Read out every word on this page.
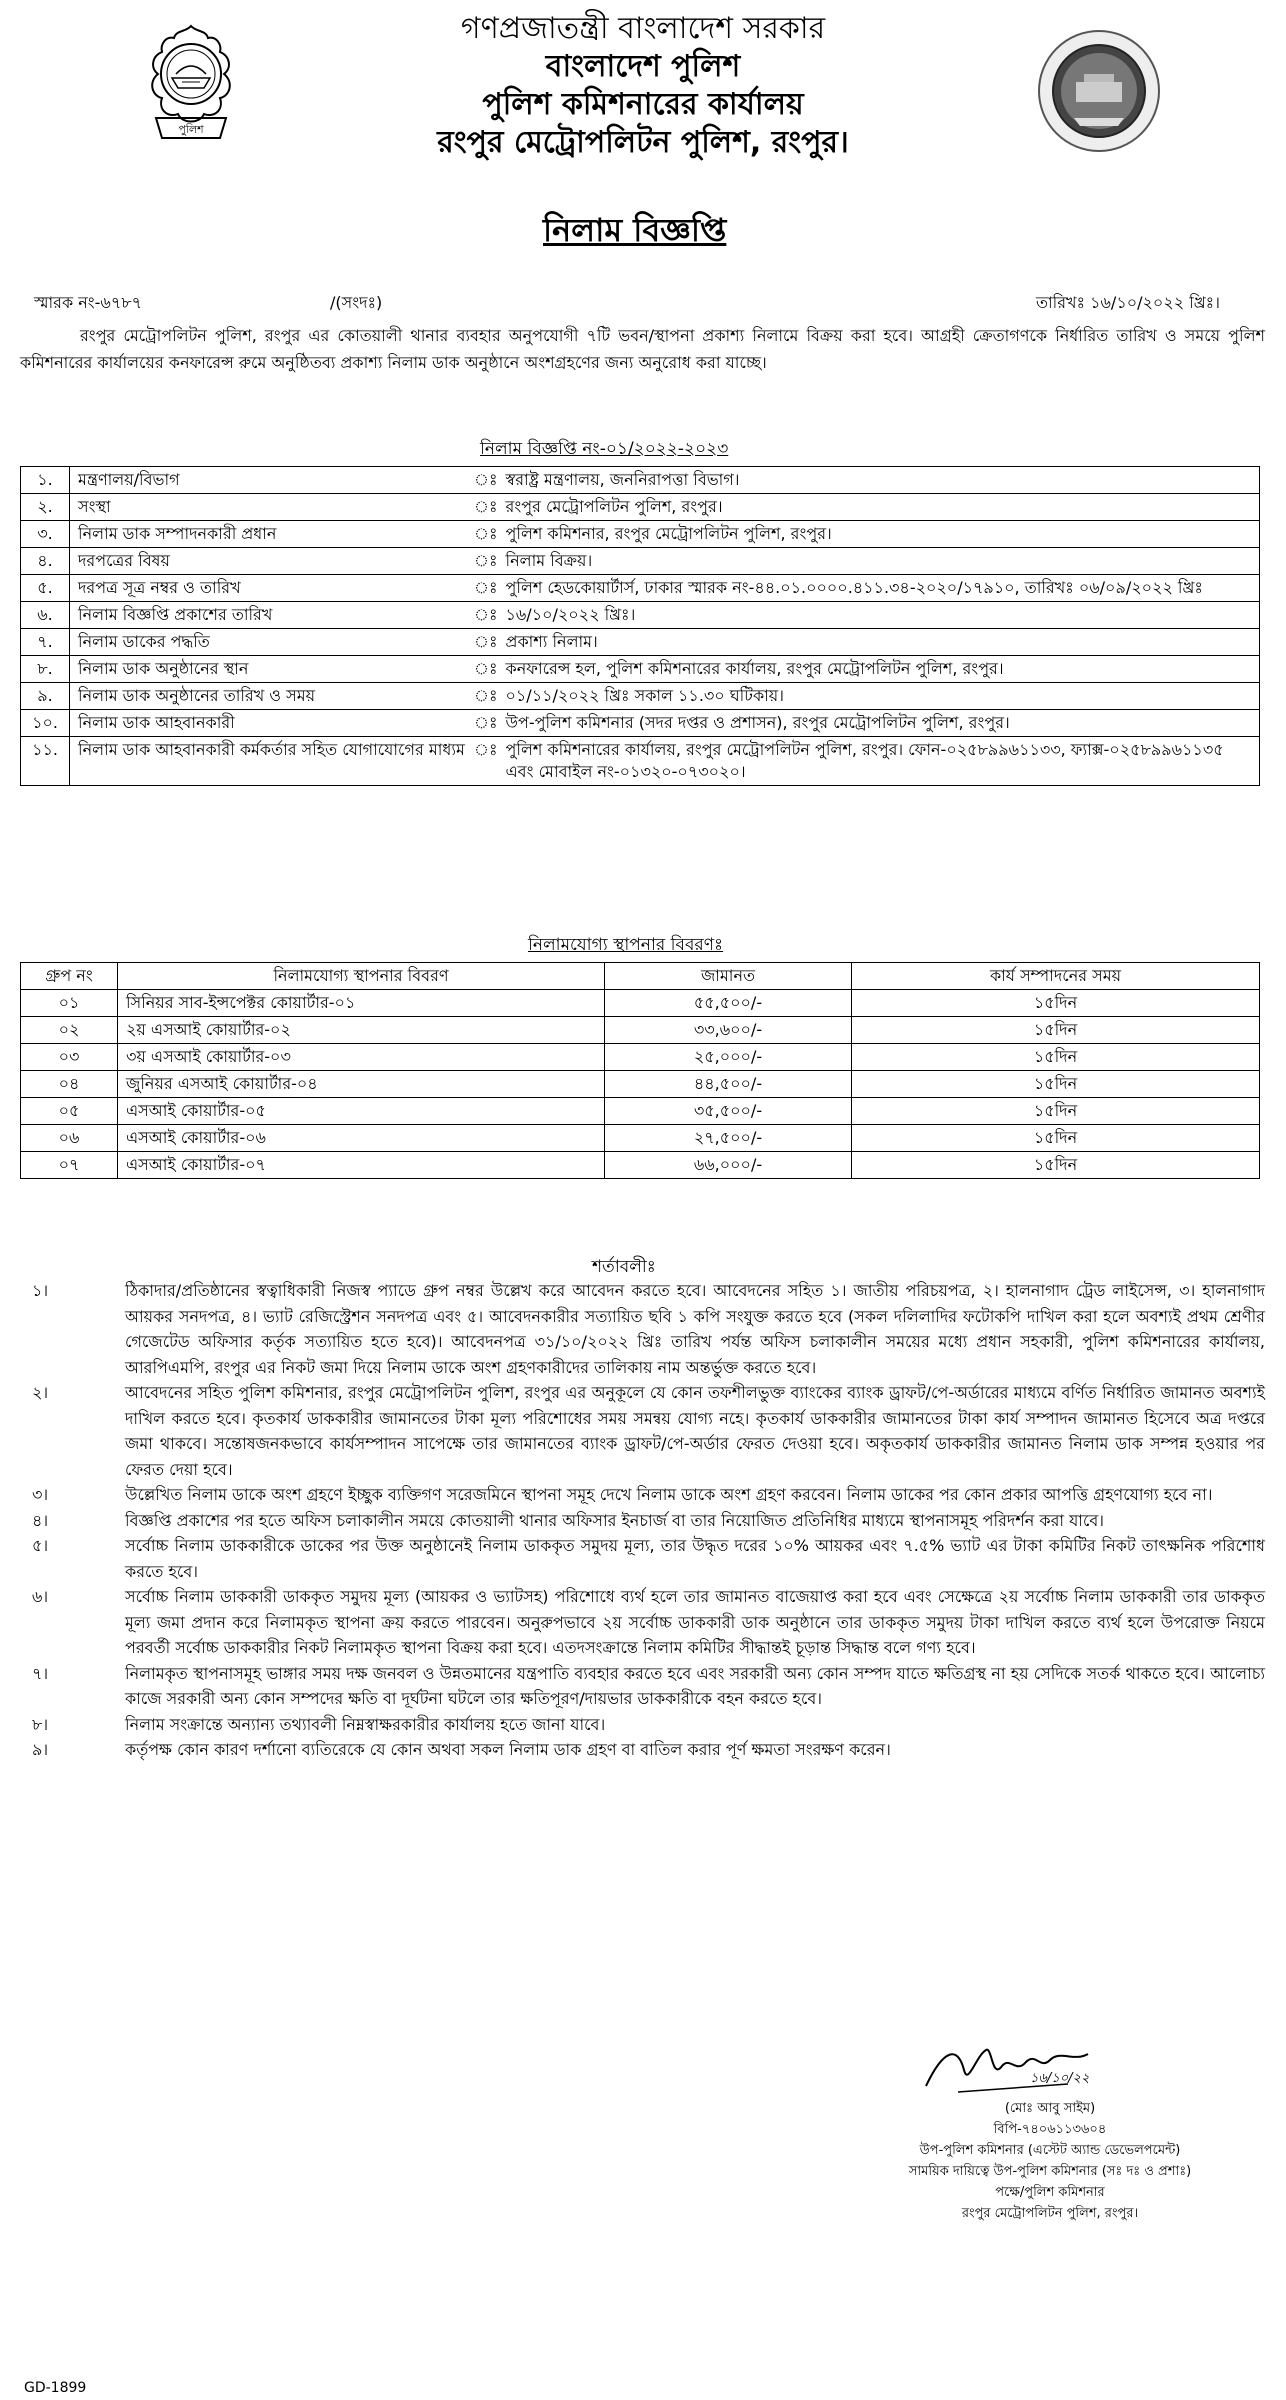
পুলিশ
গণপ্রজাতন্ত্রী বাংলাদেশ সরকার
বাংলাদেশ পুলিশ
পুলিশ কমিশনারের কার্যালয়
রংপুর মেট্রোপলিটন পুলিশ, রংপুর।
নিলাম বিজ্ঞপ্তি
স্মারক নং-৬৭৮৭	/(সংদঃ)	তারিখঃ ১৬/১০/২০২২ খ্রিঃ।
রংপুর মেট্রোপলিটন পুলিশ, রংপুর এর কোতয়ালী থানার ব্যবহার অনুপযোগী ৭টি ভবন/স্থাপনা প্রকাশ্য নিলামে বিক্রয় করা হবে। আগ্রহী ক্রেতাগণকে নির্ধারিত তারিখ ও সময়ে পুলিশ কমিশনারের কার্যালয়ের কনফারেন্স রুমে অনুষ্ঠিতব্য প্রকাশ্য নিলাম ডাক অনুষ্ঠানে অংশগ্রহণের জন্য অনুরোধ করা যাচ্ছে।
নিলাম বিজ্ঞপ্তি নং-০১/২০২২-২০২৩
১.	মন্ত্রণালয়/বিভাগ	ঃ	স্বরাষ্ট্র মন্ত্রণালয়, জননিরাপত্তা বিভাগ।
২.	সংস্থা	ঃ	রংপুর মেট্রোপলিটন পুলিশ, রংপুর।
৩.	নিলাম ডাক সম্পাদনকারী প্রধান	ঃ	পুলিশ কমিশনার, রংপুর মেট্রোপলিটন পুলিশ, রংপুর।
৪.	দরপত্রের বিষয়	ঃ	নিলাম বিক্রয়।
৫.	দরপত্র সূত্র নম্বর ও তারিখ	ঃ	পুলিশ হেডকোয়ার্টার্স, ঢাকার স্মারক নং-৪৪.০১.০০০০.৪১১.৩৪-২০২০/১৭৯১০, তারিখঃ ০৬/০৯/২০২২ খ্রিঃ
৬.	নিলাম বিজ্ঞপ্তি প্রকাশের তারিখ	ঃ	১৬/১০/২০২২ খ্রিঃ।
৭.	নিলাম ডাকের পদ্ধতি	ঃ	প্রকাশ্য নিলাম।
৮.	নিলাম ডাক অনুষ্ঠানের স্থান	ঃ	কনফারেন্স হল, পুলিশ কমিশনারের কার্যালয়, রংপুর মেট্রোপলিটন পুলিশ, রংপুর।
৯.	নিলাম ডাক অনুষ্ঠানের তারিখ ও সময়	ঃ	০১/১১/২০২২ খ্রিঃ সকাল ১১.৩০ ঘটিকায়।
১০.	নিলাম ডাক আহবানকারী	ঃ	উপ-পুলিশ কমিশনার (সদর দপ্তর ও প্রশাসন), রংপুর মেট্রোপলিটন পুলিশ, রংপুর।
১১.	নিলাম ডাক আহবানকারী কর্মকর্তার সহিত যোগাযোগের মাধ্যম	ঃ	পুলিশ কমিশনারের কার্যালয়, রংপুর মেট্রোপলিটন পুলিশ, রংপুর। ফোন-০২৫৮৯৯৬১১৩৩, ফ্যাক্স-০২৫৮৯৯৬১১৩৫ এবং মোবাইল নং-০১৩২০-০৭৩০২০।
নিলামযোগ্য স্থাপনার বিবরণঃ
গ্রুপ নং	নিলামযোগ্য স্থাপনার বিবরণ	জামানত	কার্য সম্পাদনের সময়
০১	সিনিয়র সাব-ইন্সপেক্টর কোয়ার্টার-০১	৫৫,৫০০/-	১৫দিন
০২	২য় এসআই কোয়ার্টার-০২	৩৩,৬০০/-	১৫দিন
০৩	৩য় এসআই কোয়ার্টার-০৩	২৫,০০০/-	১৫দিন
০৪	জুনিয়র এসআই কোয়ার্টার-০৪	৪৪,৫০০/-	১৫দিন
০৫	এসআই কোয়ার্টার-০৫	৩৫,৫০০/-	১৫দিন
০৬	এসআই কোয়ার্টার-০৬	২৭,৫০০/-	১৫দিন
০৭	এসআই কোয়ার্টার-০৭	৬৬,০০০/-	১৫দিন
শর্তাবলীঃ
১।	ঠিকাদার/প্রতিষ্ঠানের স্বত্বাধিকারী নিজস্ব প্যাডে গ্রুপ নম্বর উল্লেখ করে আবেদন করতে হবে। আবেদনের সহিত ১। জাতীয় পরিচয়পত্র, ২। হালনাগাদ ট্রেড লাইসেন্স, ৩। হালনাগাদ আয়কর সনদপত্র, ৪। ভ্যাট রেজিস্ট্রেশন সনদপত্র এবং ৫। আবেদনকারীর সত্যায়িত ছবি ১ কপি সংযুক্ত করতে হবে (সকল দলিলাদির ফটোকপি দাখিল করা হলে অবশ্যই প্রথম শ্রেণীর গেজেটেড অফিসার কর্তৃক সত্যায়িত হতে হবে)। আবেদনপত্র ৩১/১০/২০২২ খ্রিঃ তারিখ পর্যন্ত অফিস চলাকালীন সময়ের মধ্যে প্রধান সহকারী, পুলিশ কমিশনারের কার্যালয়, আরপিএমপি, রংপুর এর নিকট জমা দিয়ে নিলাম ডাকে অংশ গ্রহণকারীদের তালিকায় নাম অন্তর্ভুক্ত করতে হবে।
২।	আবেদনের সহিত পুলিশ কমিশনার, রংপুর মেট্রোপলিটন পুলিশ, রংপুর এর অনুকূলে যে কোন তফশীলভুক্ত ব্যাংকের ব্যাংক ড্রাফট/পে-অর্ডারের মাধ্যমে বর্ণিত নির্ধারিত জামানত অবশ্যই দাখিল করতে হবে। কৃতকার্য ডাককারীর জামানতের টাকা মূল্য পরিশোধের সময় সমন্বয় যোগ্য নহে। কৃতকার্য ডাককারীর জামানতের টাকা কার্য সম্পাদন জামানত হিসেবে অত্র দপ্তরে জমা থাকবে। সন্তোষজনকভাবে কার্যসম্পাদন সাপেক্ষে তার জামানতের ব্যাংক ড্রাফট/পে-অর্ডার ফেরত দেওয়া হবে। অকৃতকার্য ডাককারীর জামানত নিলাম ডাক সম্পন্ন হওয়ার পর ফেরত দেয়া হবে।
৩।	উল্লেখিত নিলাম ডাকে অংশ গ্রহণে ইচ্ছুক ব্যক্তিগণ সরেজমিনে স্থাপনা সমূহ দেখে নিলাম ডাকে অংশ গ্রহণ করবেন। নিলাম ডাকের পর কোন প্রকার আপত্তি গ্রহণযোগ্য হবে না।
৪।	বিজ্ঞপ্তি প্রকাশের পর হতে অফিস চলাকালীন সময়ে কোতয়ালী থানার অফিসার ইনচার্জ বা তার নিয়োজিত প্রতিনিধির মাধ্যমে স্থাপনাসমূহ পরিদর্শন করা যাবে।
৫।	সর্বোচ্চ নিলাম ডাককারীকে ডাকের পর উক্ত অনুষ্ঠানেই নিলাম ডাককৃত সমুদয় মূল্য, তার উদ্ধৃত দরের ১০% আয়কর এবং ৭.৫% ভ্যাট এর টাকা কমিটির নিকট তাৎক্ষনিক পরিশোধ করতে হবে।
৬।	সর্বোচ্চ নিলাম ডাককারী ডাককৃত সমুদয় মূল্য (আয়কর ও ভ্যাটসহ) পরিশোধে ব্যর্থ হলে তার জামানত বাজেয়াপ্ত করা হবে এবং সেক্ষেত্রে ২য় সর্বোচ্চ নিলাম ডাককারী তার ডাককৃত মূল্য জমা প্রদান করে নিলামকৃত স্থাপনা ক্রয় করতে পারবেন। অনুরুপভাবে ২য় সর্বোচ্চ ডাককারী ডাক অনুষ্ঠানে তার ডাককৃত সমুদয় টাকা দাখিল করতে ব্যর্থ হলে উপরোক্ত নিয়মে পরবর্তী সর্বোচ্চ ডাককারীর নিকট নিলামকৃত স্থাপনা বিক্রয় করা হবে। এতদসংক্রান্তে নিলাম কমিটির সীদ্ধান্তই চূড়ান্ত সিদ্ধান্ত বলে গণ্য হবে।
৭।	নিলামকৃত স্থাপনাসমূহ ভাঙ্গার সময় দক্ষ জনবল ও উন্নতমানের যন্ত্রপাতি ব্যবহার করতে হবে এবং সরকারী অন্য কোন সম্পদ যাতে ক্ষতিগ্রস্থ না হয় সেদিকে সতর্ক থাকতে হবে। আলোচ্য কাজে সরকারী অন্য কোন সম্পদের ক্ষতি বা দূর্ঘটনা ঘটলে তার ক্ষতিপূরণ/দায়ভার ডাককারীকে বহন করতে হবে।
৮।	নিলাম সংক্রান্তে অন্যান্য তথ্যাবলী নিম্নস্বাক্ষরকারীর কার্যালয় হতে জানা যাবে।
৯।	কর্তৃপক্ষ কোন কারণ দর্শানো ব্যতিরেকে যে কোন অথবা সকল নিলাম ডাক গ্রহণ বা বাতিল করার পূর্ণ ক্ষমতা সংরক্ষণ করেন।
১৬/১০/২২
(মোঃ আবু সাইম)
বিপি-৭৪০৬১১৩৬০৪
উপ-পুলিশ কমিশনার (এস্টেট অ্যান্ড ডেভেলপমেন্ট)
সাময়িক দায়িত্বে উপ-পুলিশ কমিশনার (সঃ দঃ ও প্রশাঃ)
পক্ষে/পুলিশ কমিশনার
রংপুর মেট্রোপলিটন পুলিশ, রংপুর।
GD-1899
